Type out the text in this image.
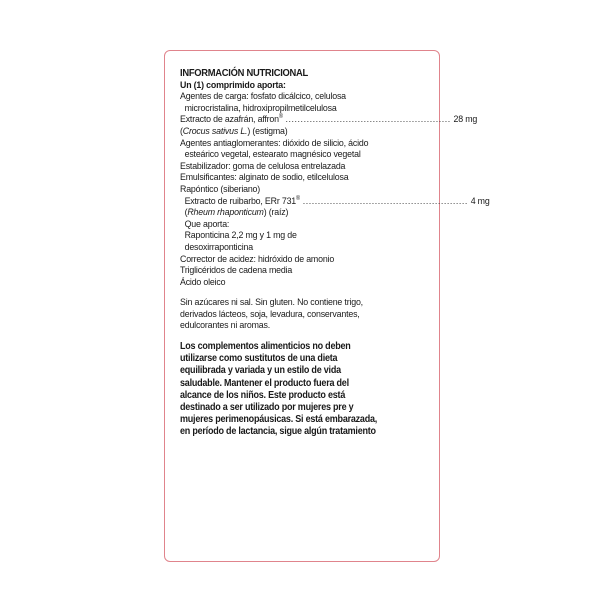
INFORMACIÓN NUTRICIONAL
Un (1) comprimido aporta:
Agentes de carga: fosfato dicálcico, celulosa
microcristalina, hidroxipropilmetilcelulosa
Extracto de azafrán, affron® ....................................................... 28 mg
(Crocus sativus L.) (estigma)
Agentes antiaglomerantes: dióxido de silicio, ácido
esteárico vegetal, estearato magnésico vegetal
Estabilizador: goma de celulosa entrelazada
Emulsificantes: alginato de sodio, etilcelulosa
Rapóntico (siberiano)
Extracto de ruibarbo, ERr 731® ....................................................... 4 mg
(Rheum rhaponticum) (raíz)
Que aporta:
Raponticina 2,2 mg y 1 mg de
desoxirraponticina
Corrector de acidez: hidróxido de amonio
Triglicéridos de cadena media
Ácido oleico
Sin azúcares ni sal. Sin gluten. No contiene trigo,
derivados lácteos, soja, levadura, conservantes,
edulcorantes ni aromas.
Los complementos alimenticios no deben
utilizarse como sustitutos de una dieta
equilibrada y variada y un estilo de vida
saludable. Mantener el producto fuera del
alcance de los niños. Este producto está
destinado a ser utilizado por mujeres pre y
mujeres perimenopáusicas. Si está embarazada,
en período de lactancia, sigue algún tratamiento
